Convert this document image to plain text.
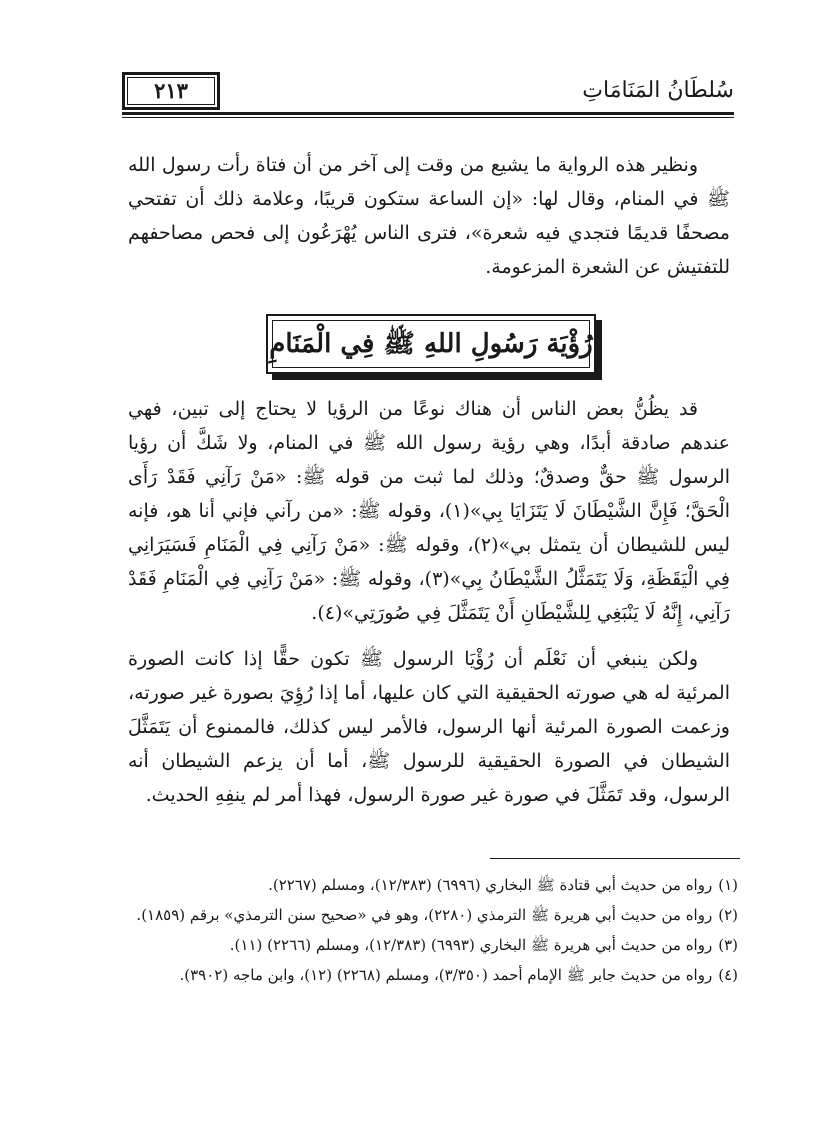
سُلطَانُ المَنَامَاتِ
٢١٣

ونظير هذه الرواية ما يشيع من وقت إلى آخر من أن فتاة رأت رسول الله ﷺ في المنام، وقال لها: «إن الساعة ستكون قريبًا، وعلامة ذلك أن تفتحي مصحفًا قديمًا فتجدي فيه شعرة»، فترى الناس يُهْرَعُون إلى فحص مصاحفهم للتفتيش عن الشعرة المزعومة.

رُؤْيَة رَسُولِ اللهِ ﷺ فِي الْمَنَامِ

قد يظُنُّ بعض الناس أن هناك نوعًا من الرؤيا لا يحتاج إلى تبين، فهي عندهم صادقة أبدًا، وهي رؤية رسول الله ﷺ في المنام، ولا شَكَّ أن رؤيا الرسول ﷺ حقٌّ وصدقٌ؛ وذلك لما ثبت من قوله ﷺ: «مَنْ رَآنِي فَقَدْ رَأَى الْحَقَّ؛ فَإِنَّ الشَّيْطَانَ لَا يَتَزَايَا بِي»(١)، وقوله ﷺ: «من رآني فإني أنا هو، فإنه ليس للشيطان أن يتمثل بي»(٢)، وقوله ﷺ: «مَنْ رَآنِي فِي الْمَنَامِ فَسَيَرَانِي فِي الْيَقَظَةِ، وَلَا يَتَمَثَّلُ الشَّيْطَانُ بِي»(٣)، وقوله ﷺ: «مَنْ رَآنِي فِي الْمَنَامِ فَقَدْ رَآنِي، إِنَّهُ لَا يَنْبَغِي لِلشَّيْطَانِ أَنْ يَتَمَثَّلَ فِي صُورَتِي»(٤).

ولكن ينبغي أن نَعْلَم أن رُؤْيَا الرسول ﷺ تكون حقًّا إذا كانت الصورة المرئية له هي صورته الحقيقية التي كان عليها، أما إذا رُؤِيَ بصورة غير صورته، وزعمت الصورة المرئية أنها الرسول، فالأمر ليس كذلك، فالممنوع أن يَتَمَثَّلَ الشيطان في الصورة الحقيقية للرسول ﷺ، أما أن يزعم الشيطان أنه الرسول، وقد تَمَثَّلَ في صورة غير صورة الرسول، فهذا أمر لم ينفِهِ الحديث.

(١)رواه من حديث أبي قتادة ﷺ البخاري (٦٩٩٦) (١٢/٣٨٣)، ومسلم (٢٢٦٧).
(٢)رواه من حديث أبي هريرة ﷺ الترمذي (٢٢٨٠)، وهو في «صحيح سنن الترمذي» برقم (١٨٥٩).
(٣)رواه من حديث أبي هريرة ﷺ البخاري (٦٩٩٣) (١٢/٣٨٣)، ومسلم (٢٢٦٦) (١١).
(٤)رواه من حديث جابر ﷺ الإمام أحمد (٣/٣٥٠)، ومسلم (٢٢٦٨) (١٢)، وابن ماجه (٣٩٠٢).
